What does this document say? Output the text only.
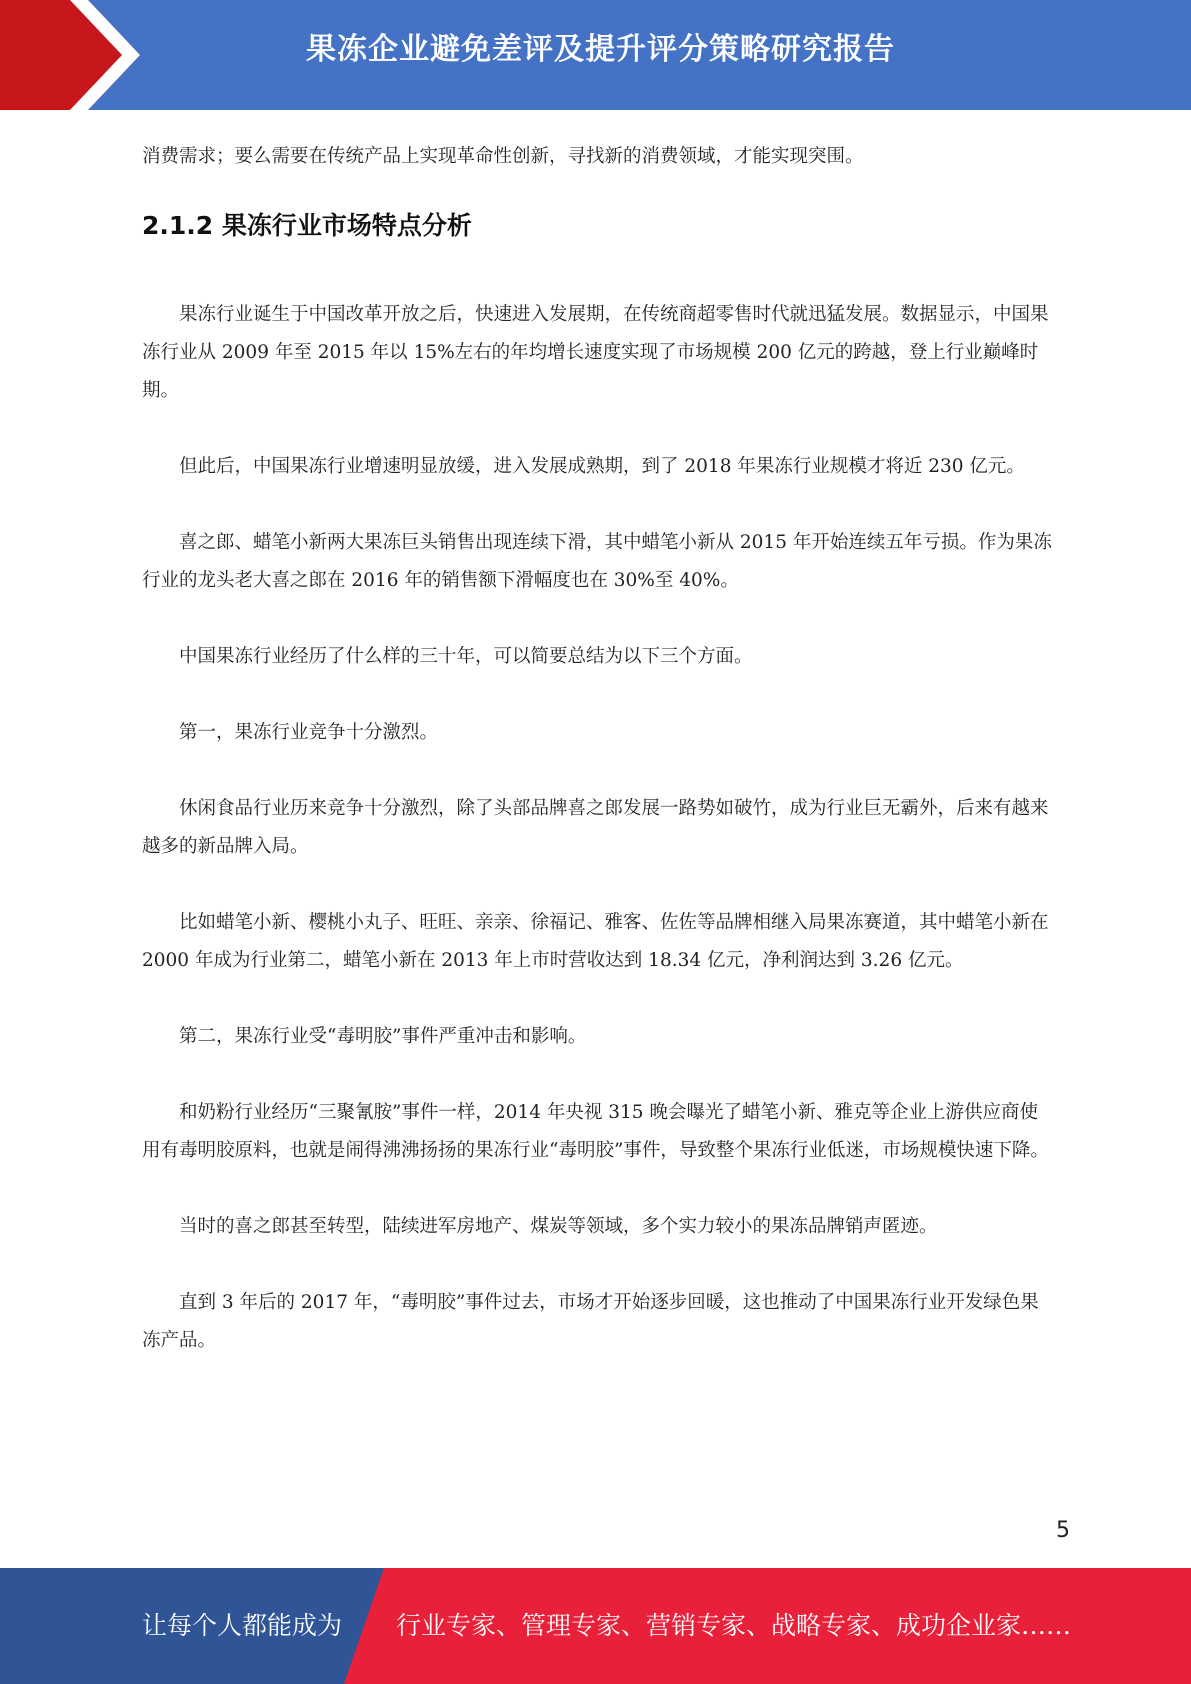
果冻企业避免差评及提升评分策略研究报告

消费需求；要么需要在传统产品上实现革命性创新，寻找新的消费领域，才能实现突围。

2.1.2 果冻行业市场特点分析

果冻行业诞生于中国改革开放之后，快速进入发展期，在传统商超零售时代就迅猛发展。数据显示，中国果冻行业从 2009 年至 2015 年以 15%左右的年均增长速度实现了市场规模 200 亿元的跨越，登上行业巅峰时期。

但此后，中国果冻行业增速明显放缓，进入发展成熟期，到了 2018 年果冻行业规模才将近 230 亿元。

喜之郎、蜡笔小新两大果冻巨头销售出现连续下滑，其中蜡笔小新从 2015 年开始连续五年亏损。作为果冻行业的龙头老大喜之郎在 2016 年的销售额下滑幅度也在 30%至 40%。

中国果冻行业经历了什么样的三十年，可以简要总结为以下三个方面。

第一，果冻行业竞争十分激烈。

休闲食品行业历来竞争十分激烈，除了头部品牌喜之郎发展一路势如破竹，成为行业巨无霸外，后来有越来越多的新品牌入局。

比如蜡笔小新、樱桃小丸子、旺旺、亲亲、徐福记、雅客、佐佐等品牌相继入局果冻赛道，其中蜡笔小新在 2000 年成为行业第二，蜡笔小新在 2013 年上市时营收达到 18.34 亿元，净利润达到 3.26 亿元。

第二，果冻行业受“毒明胶”事件严重冲击和影响。

和奶粉行业经历“三聚氰胺”事件一样，2014 年央视 315 晚会曝光了蜡笔小新、雅克等企业上游供应商使用有毒明胶原料，也就是闹得沸沸扬扬的果冻行业“毒明胶”事件，导致整个果冻行业低迷，市场规模快速下降。

当时的喜之郎甚至转型，陆续进军房地产、煤炭等领域，多个实力较小的果冻品牌销声匿迹。

直到 3 年后的 2017 年，“毒明胶”事件过去，市场才开始逐步回暖，这也推动了中国果冻行业开发绿色果冻产品。

5
让每个人都能成为 行业专家、管理专家、营销专家、战略专家、成功企业家……
